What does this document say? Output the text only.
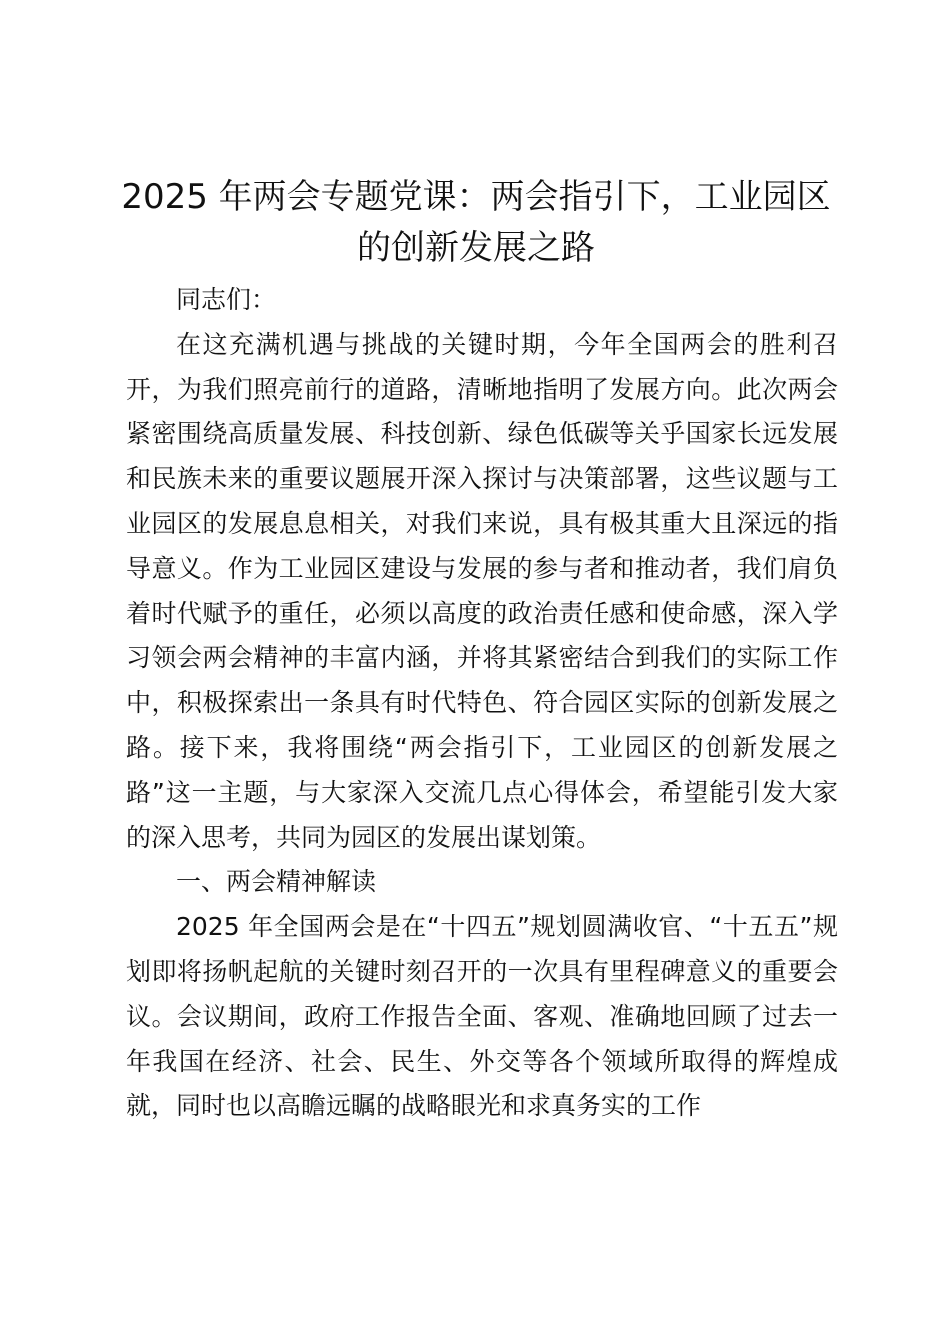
2025 年两会专题党课：两会指引下，工业园区的创新发展之路

同志们：

在这充满机遇与挑战的关键时期，今年全国两会的胜利召开，为我们照亮前行的道路，清晰地指明了发展方向。此次两会紧密围绕高质量发展、科技创新、绿色低碳等关乎国家长远发展和民族未来的重要议题展开深入探讨与决策部署，这些议题与工业园区的发展息息相关，对我们来说，具有极其重大且深远的指导意义。作为工业园区建设与发展的参与者和推动者，我们肩负着时代赋予的重任，必须以高度的政治责任感和使命感，深入学习领会两会精神的丰富内涵，并将其紧密结合到我们的实际工作中，积极探索出一条具有时代特色、符合园区实际的创新发展之路。接下来，我将围绕“两会指引下，工业园区的创新发展之路”这一主题，与大家深入交流几点心得体会，希望能引发大家的深入思考，共同为园区的发展出谋划策。

一、两会精神解读

2025 年全国两会是在“十四五”规划圆满收官、“十五五”规划即将扬帆起航的关键时刻召开的一次具有里程碑意义的重要会议。会议期间，政府工作报告全面、客观、准确地回顾了过去一年我国在经济、社会、民生、外交等各个领域所取得的辉煌成就，同时也以高瞻远瞩的战略眼光和求真务实的工作
